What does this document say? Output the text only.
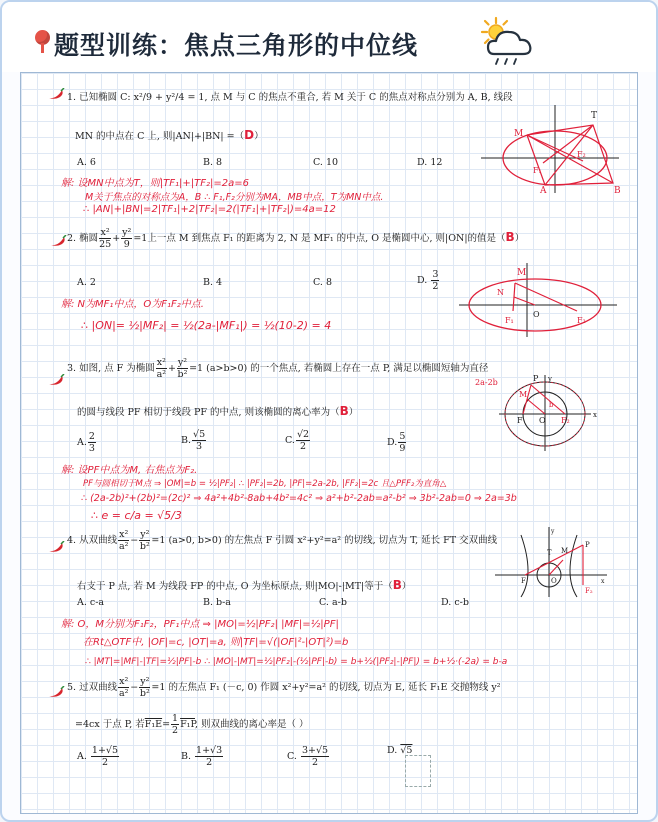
题型训练：焦点三角形的中位线
1. 已知椭圆 C: x²/9 + y²/4 = 1, 点 M 与 C 的焦点不重合, 若 M 关于 C 的焦点对称点分别为 A, B, 线段
MN 的中点在 C 上, 则|AN|+|BN| =（D）
A. 6	B. 8	C. 10	D. 12
解: 设MN中点为T，则|TF₁|+|TF₂|=2a=6
M关于焦点的对称点为A，B ∴ F₁,F₂分别为MA，MB中点，T为MN中点.
∴ |AN|+|BN|=2|TF₁|+2|TF₂|=2(|TF₁|+|TF₂|)=4a=12
M
T
A	B
F₁
F₂
2. 椭圆 $\frac{\text{x²}}{25} + \frac{\text{y²}}{9} =1$上一点 M 到焦点 F₁ 的距离为 2, N 是 MF₁ 的中点, O 是椭圆中心, 则|ON|的值是（B）
A. 2	B. 4	C. 8	D. $\frac{3}{2}$
解: N为MF₁中点，O为F₁F₂中点.
∴ |ON|= ½|MF₂| = ½(2a-|MF₁|) = ½(10-2) = 4
M
N
F₁
O
F₂
3. 如图, 点 F 为椭圆 $\frac{\text{x²}}{\text{a²}} + \frac{\text{y²}}{\text{b²}} =1$ (a>b>0) 的一个焦点, 若椭圆上存在一点 P, 满足以椭圆短轴为直径
的圆与线段 PF 相切于线段 PF 的中点, 则该椭圆的离心率为（B）
A. $\frac{2}{3}$	B. $\frac{√5}{3}$	C. $\frac{√2}{2}$	D. $\frac{5}{9}$
解: 设PF中点为M, 右焦点为F₂.
PF与圆相切于M点 ⇒ |OM|=b = ½|PF₂| ∴ |PF₂|=2b, |PF|=2a-2b, |FF₂|=2c 且△PFF₂为直角△
∴ (2a-2b)²+(2b)²=(2c)² ⇒ 4a²+4b²-8ab+4b²=4c² ⇒ a²+b²-2ab=a²-b² ⇒ 3b²-2ab=0 ⇒ 2a=3b
∴ e = c/a = √5/3
2a-2b	P
M
F O F₂
y
x
b
4. 从双曲线 $\frac{\text{x²}}{\text{a²}} - \frac{\text{y²}}{\text{b²}} =1$ (a>0, b>0) 的左焦点 F 引圆 x²+y²=a² 的切线, 切点为 T, 延长 FT 交双曲线
右支于 P 点, 若 M 为线段 FP 的中点, O 为坐标原点, 则|MO|-|MT|等于（B）
A. c-a	B. b-a	C. a-b	D. c-b
解: O，M分别为F₁F₂，PF₁中点 ⇒ |MO|=½|PF₂| |MF|=½|PF|
在Rt△OTF中, |OF|=c, |OT|=a, 则|TF|=√(|OF|²-|OT|²)=b
∴ |MT|=|MF|-|TF|=½|PF|-b ∴ |MO|-|MT|=½|PF₂|-(½|PF|-b) = b+½(|PF₂|-|PF|) = b+½·(-2a) = b-a
T M
P
F	O
F₂
x
y
5. 过双曲线 $\frac{\text{x²}}{\text{a²}} - \frac{\text{y²}}{\text{b²}} =1$ 的左焦点 F₁ (－c, 0) 作圆 x²+y²=a² 的切线, 切点为 E, 延长 F₁E 交抛物线 y²
=4cx 于点 P, 若$F_1E= \frac{1}{2} F_1P$, 则双曲线的离心率是（ ）
A. $\frac{1+√5}{2}$	B. $\frac{1+√3}{2}$	C. $\frac{3+√5}{2}$	D. √5
